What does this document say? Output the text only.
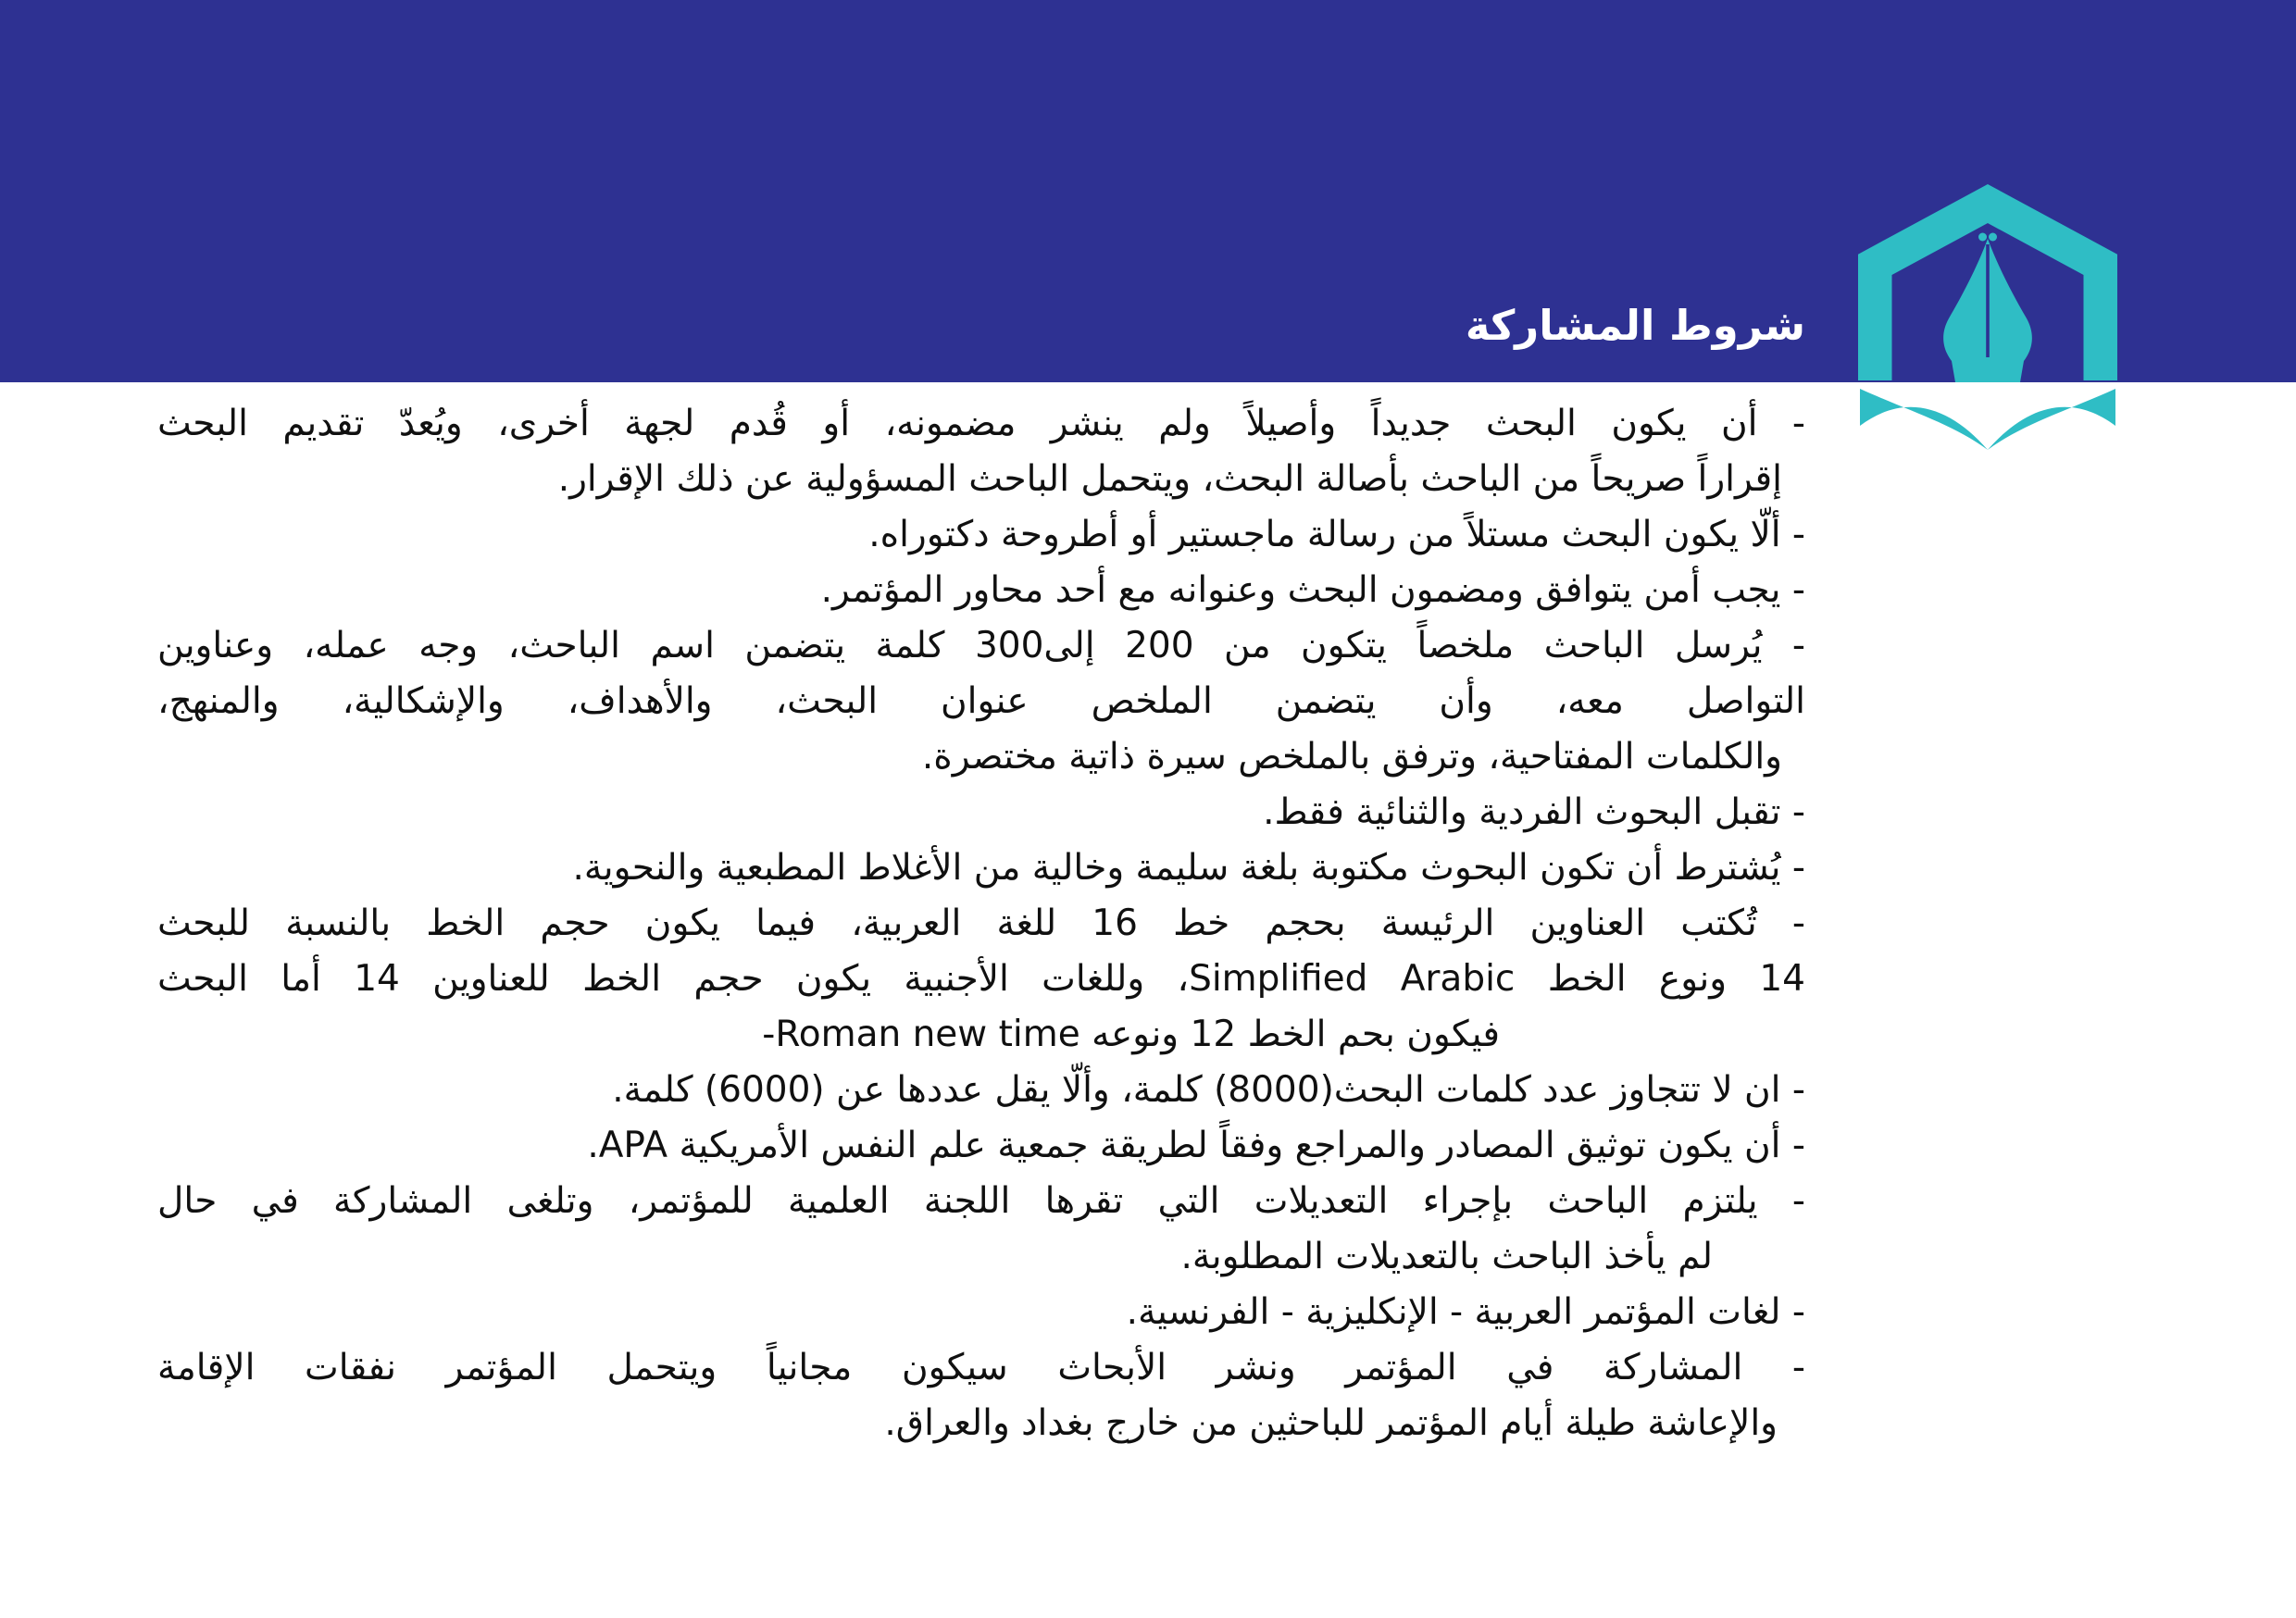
شروط المشاركة
- أن يكون البحث جديداً وأصيلاً ولم ينشر مضمونه، أو قُدم لجهة أخرى، ويُعدّ تقديم البحث
إقراراً صريحاً من الباحث بأصالة البحث، ويتحمل الباحث المسؤولية عن ذلك الإقرار.
- ألّا يكون البحث مستلاً من رسالة ماجستير أو أطروحة دكتوراه.
- يجب أمن يتوافق ومضمون البحث وعنوانه مع أحد محاور المؤتمر.
- يُرسل الباحث ملخصاً يتكون من 200 إلى300 كلمة يتضمن اسم الباحث، وجه عمله، وعناوين
التواصل معه، وأن يتضمن الملخص عنوان البحث، والأهداف، والإشكالية، والمنهج،
والكلمات المفتاحية، وترفق بالملخص سيرة ذاتية مختصرة.
- تقبل البحوث الفردية والثنائية فقط.
- يُشترط أن تكون البحوث مكتوبة بلغة سليمة وخالية من الأغلاط المطبعية والنحوية.
- تُكتب العناوين الرئيسة بحجم خط 16 للغة العربية، فيما يكون حجم الخط بالنسبة للبحث
14 ونوع الخط Simplified Arabic، وللغات الأجنبية يكون حجم الخط للعناوين 14 أما البحث
فيكون بحم الخط 12 ونوعه Roman new time-
- ان لا تتجاوز عدد كلمات البحث(8000) كلمة، وألّا يقل عددها عن (6000) كلمة.
- أن يكون توثيق المصادر والمراجع وفقاً لطريقة جمعية علم النفس الأمريكية APA.
- يلتزم الباحث بإجراء التعديلات التي تقرها اللجنة العلمية للمؤتمر، وتلغى المشاركة في حال
لم يأخذ الباحث بالتعديلات المطلوبة.
- لغات المؤتمر العربية - الإنكليزية - الفرنسية.
- المشاركة في المؤتمر ونشر الأبحاث سيكون مجانياً ويتحمل المؤتمر نفقات الإقامة
والإعاشة طيلة أيام المؤتمر للباحثين من خارج بغداد والعراق.
